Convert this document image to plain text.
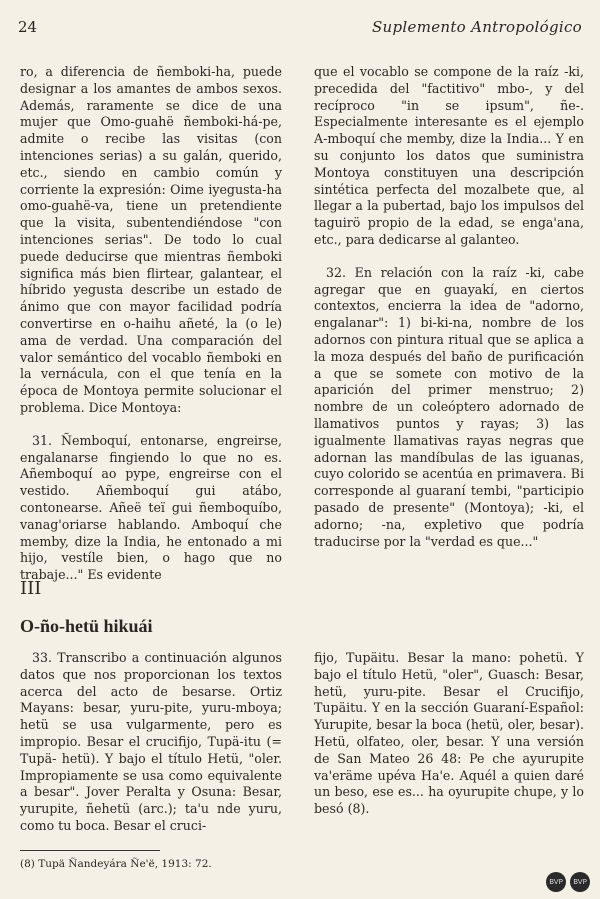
24	Suplemento Antropológico

ro, a diferencia de ñemboki-ha, puede designar a los amantes de ambos sexos. Además, raramente se dice de una mujer que Omo-guahë ñemboki-há-pe, admite o recibe las visitas (con intenciones serias) a su galán, querido, etc., siendo en cambio común y corriente la expresión: Oime iyegusta-ha omo-guahë-va, tiene un pretendiente que la visita, subentendiéndose "con intenciones serias". De todo lo cual puede deducirse que mientras ñemboki significa más bien flirtear, galantear, el híbrido yegusta describe un estado de ánimo que con mayor facilidad podría convertirse en o-haihu añeté, la (o le) ama de verdad. Una comparación del valor semántico del vocablo ñemboki en la vernácula, con el que tenía en la época de Montoya permite solucionar el problema. Dice Montoya:

31. Ñemboquí, entonarse, engreirse, engalanarse fingiendo lo que no es. Añemboquí ao pype, engreirse con el vestido. Añemboquí gui atábo, contonearse. Añeë teï gui ñemboquíbo, vanag'oriarse hablando. Amboquí che memby, dize la India, he entonado a mi hijo, vestíle bien, o hago que no trabaje..." Es evidente

que el vocablo se compone de la raíz -ki, precedida del "factitivo" mbo-, y del recíproco "in se ipsum", ñe-. Especialmente interesante es el ejemplo A-mboquí che memby, dize la India... Y en su conjunto los datos que suministra Montoya constituyen una descripción sintética perfecta del mozalbete que, al llegar a la pubertad, bajo los impulsos del taguirö propio de la edad, se enga'ana, etc., para dedicarse al galanteo.

32. En relación con la raíz -ki, cabe agregar que en guayakí, en ciertos contextos, encierra la idea de "adorno, engalanar": 1) bi-ki-na, nombre de los adornos con pintura ritual que se aplica a la moza después del baño de purificación a que se somete con motivo de la aparición del primer menstruo; 2) nombre de un coleóptero adornado de llamativos puntos y rayas; 3) las igualmente llamativas rayas negras que adornan las mandíbulas de las iguanas, cuyo colorido se acentúa en primavera. Bi corresponde al guaraní tembi, "participio pasado de presente" (Montoya); -ki, el adorno; -na, expletivo que podría traducirse por la "verdad es que..."

III
O-ño-hetü hikuái

33. Transcribo a continuación algunos datos que nos proporcionan los textos acerca del acto de besarse. Ortiz Mayans: besar, yuru-pite, yuru-mboya; hetü se usa vulgarmente, pero es impropio. Besar el crucifijo, Tupä-itu (= Tupä- hetü). Y bajo el título Hetü, "oler. Impropiamente se usa como equivalente a besar". Jover Peralta y Osuna: Besar, yurupite, ñehetü (arc.); ta'u nde yuru, como tu boca. Besar el cruci-

fijo, Tupäitu. Besar la mano: pohetü. Y bajo el título Hetü, "oler", Guasch: Besar, hetü, yuru-pite. Besar el Crucifijo, Tupäitu. Y en la sección Guaraní-Español: Yurupite, besar la boca (hetü, oler, besar). Hetü, olfateo, oler, besar. Y una versión de San Mateo 26 48: Pe che ayurupite va'eräme upéva Ha'e. Aquél a quien daré un beso, ese es... ha oyurupite chupe, y lo besó (8).

(8) Tupä Ñandeyára Ñe'ë, 1913: 72.
BVP BVP
